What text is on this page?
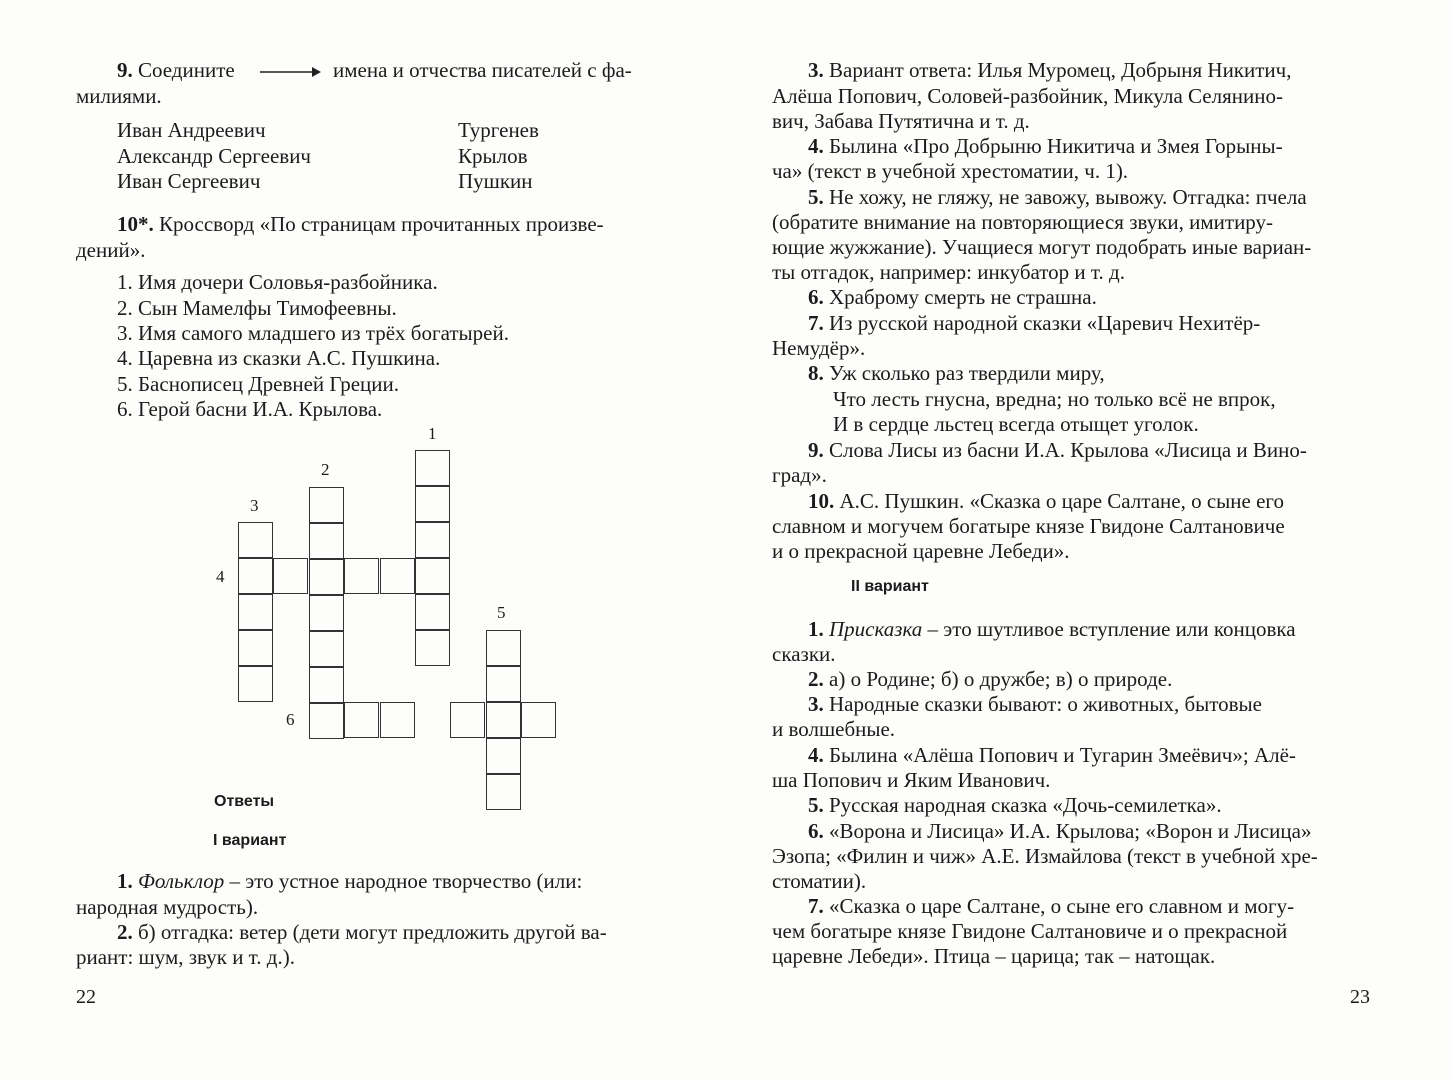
9. Соедините	имена и отчества писателей с фа-
милиями.
Иван Андреевич
Александр Сергеевич
Иван Сергеевич
Тургенев
Крылов
Пушкин
10*. Кроссворд «По страницам прочитанных произве-
дений».
1. Имя дочери Соловья-разбойника.
2. Сын Мамелфы Тимофеевны.
3. Имя самого младшего из трёх богатырей.
4. Царевна из сказки А.С. Пушкина.
5. Баснописец Древней Греции.
6. Герой басни И.А. Крылова.
1
2
3
4
5
6
Ответы
I вариант
1. Фольклор – это устное народное творчество (или:
народная мудрость).
2. б) отгадка: ветер (дети могут предложить другой ва-
риант: шум, звук и т. д.).
22
3. Вариант ответа: Илья Муромец, Добрыня Никитич,
Алёша Попович, Соловей-разбойник, Микула Селянино-
вич, Забава Путятична и т. д.
4. Былина «Про Добрыню Никитича и Змея Горыны-
ча» (текст в учебной хрестоматии, ч. 1).
5. Не хожу, не гляжу, не завожу, вывожу. Отгадка: пчела
(обратите внимание на повторяющиеся звуки, имитиру-
ющие жужжание). Учащиеся могут подобрать иные вариан-
ты отгадок, например: инкубатор и т. д.
6. Храброму смерть не страшна.
7. Из русской народной сказки «Царевич Нехитёр-
Немудёр».
8. Уж сколько раз твердили миру,
Что лесть гнусна, вредна; но только всё не впрок,
И в сердце льстец всегда отыщет уголок.
9. Слова Лисы из басни И.А. Крылова «Лисица и Вино-
град».
10. А.С. Пушкин. «Сказка о царе Салтане, о сыне его
славном и могучем богатыре князе Гвидоне Салтановиче
и о прекрасной царевне Лебеди».
II вариант
1. Присказка – это шутливое вступление или концовка
сказки.
2. а) о Родине; б) о дружбе; в) о природе.
3. Народные сказки бывают: о животных, бытовые
и волшебные.
4. Былина «Алёша Попович и Тугарин Змеёвич»; Алё-
ша Попович и Яким Иванович.
5. Русская народная сказка «Дочь-семилетка».
6. «Ворона и Лисица» И.А. Крылова; «Ворон и Лисица»
Эзопа; «Филин и чиж» А.Е. Измайлова (текст в учебной хре-
стоматии).
7. «Сказка о царе Салтане, о сыне его славном и могу-
чем богатыре князе Гвидоне Салтановиче и о прекрасной
царевне Лебеди». Птица – царица; так – натощак.
23
